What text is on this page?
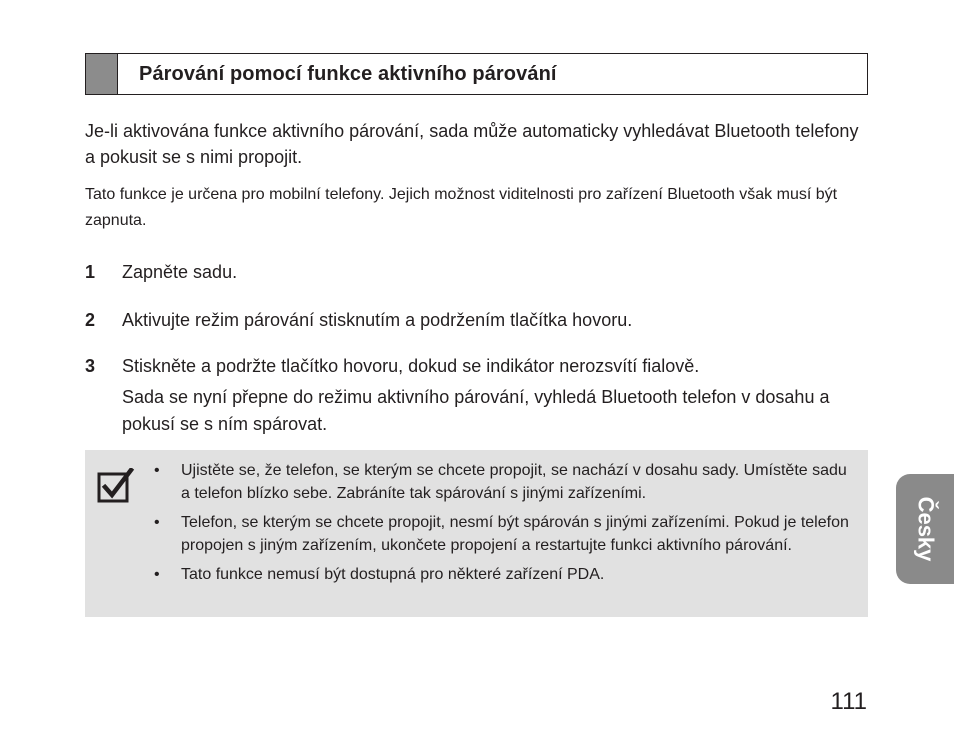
Párování pomocí funkce aktivního párování

Je-li aktivována funkce aktivního párování, sada může automaticky vyhledávat Bluetooth telefony a pokusit se s nimi propojit.

Tato funkce je určena pro mobilní telefony. Jejich možnost viditelnosti pro zařízení Bluetooth však musí být zapnuta.

1	Zapněte sadu.
2	Aktivujte režim párování stisknutím a podržením tlačítka hovoru.
3	Stiskněte a podržte tlačítko hovoru, dokud se indikátor nerozsvítí fialově.
Sada se nyní přepne do režimu aktivního párování, vyhledá Bluetooth telefon v dosahu a pokusí se s ním spárovat.
• Ujistěte se, že telefon, se kterým se chcete propojit, se nachází v dosahu sady. Umístěte sadu a telefon blízko sebe. Zabráníte tak spárování s jinými zařízeními.
• Telefon, se kterým se chcete propojit, nesmí být spárován s jinými zařízeními. Pokud je telefon propojen s jiným zařízením, ukončete propojení a restartujte funkci aktivního párování.
• Tato funkce nemusí být dostupná pro některé zařízení PDA.
Česky
111
